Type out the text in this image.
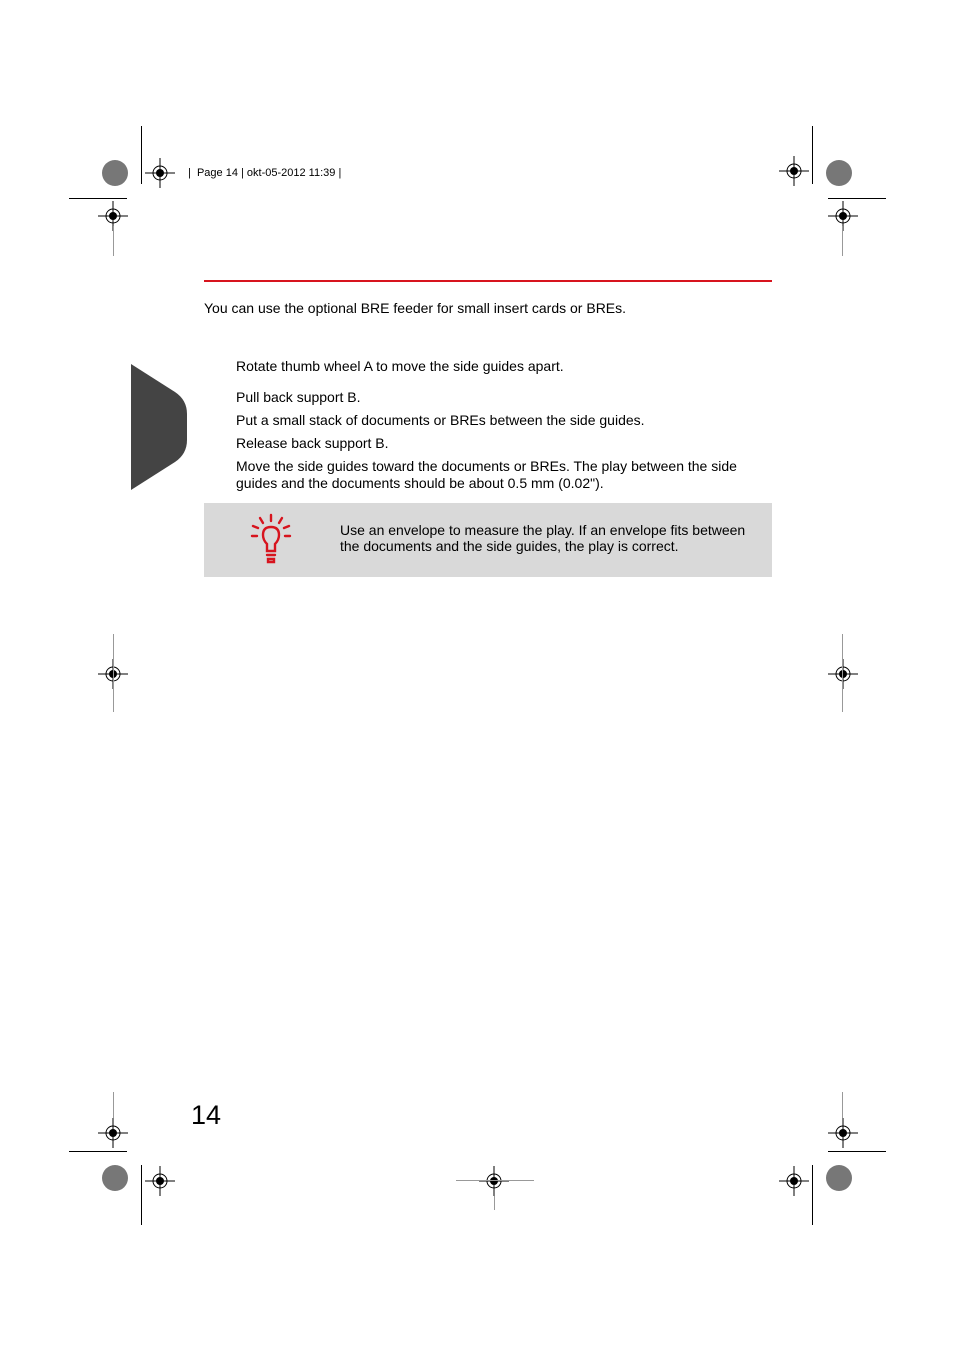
|  Page 14 | okt-05-2012 11:39 |
You can use the optional BRE feeder for small insert cards or BREs.
Rotate thumb wheel A to move the side guides apart.
Pull back support B.
Put a small stack of documents or BREs between the side guides.
Release back support B.
Move the side guides toward the documents or BREs. The play between the side guides and the documents should be about 0.5 mm (0.02").
Use an envelope to measure the play. If an envelope fits between the documents and the side guides, the play is correct.
14
